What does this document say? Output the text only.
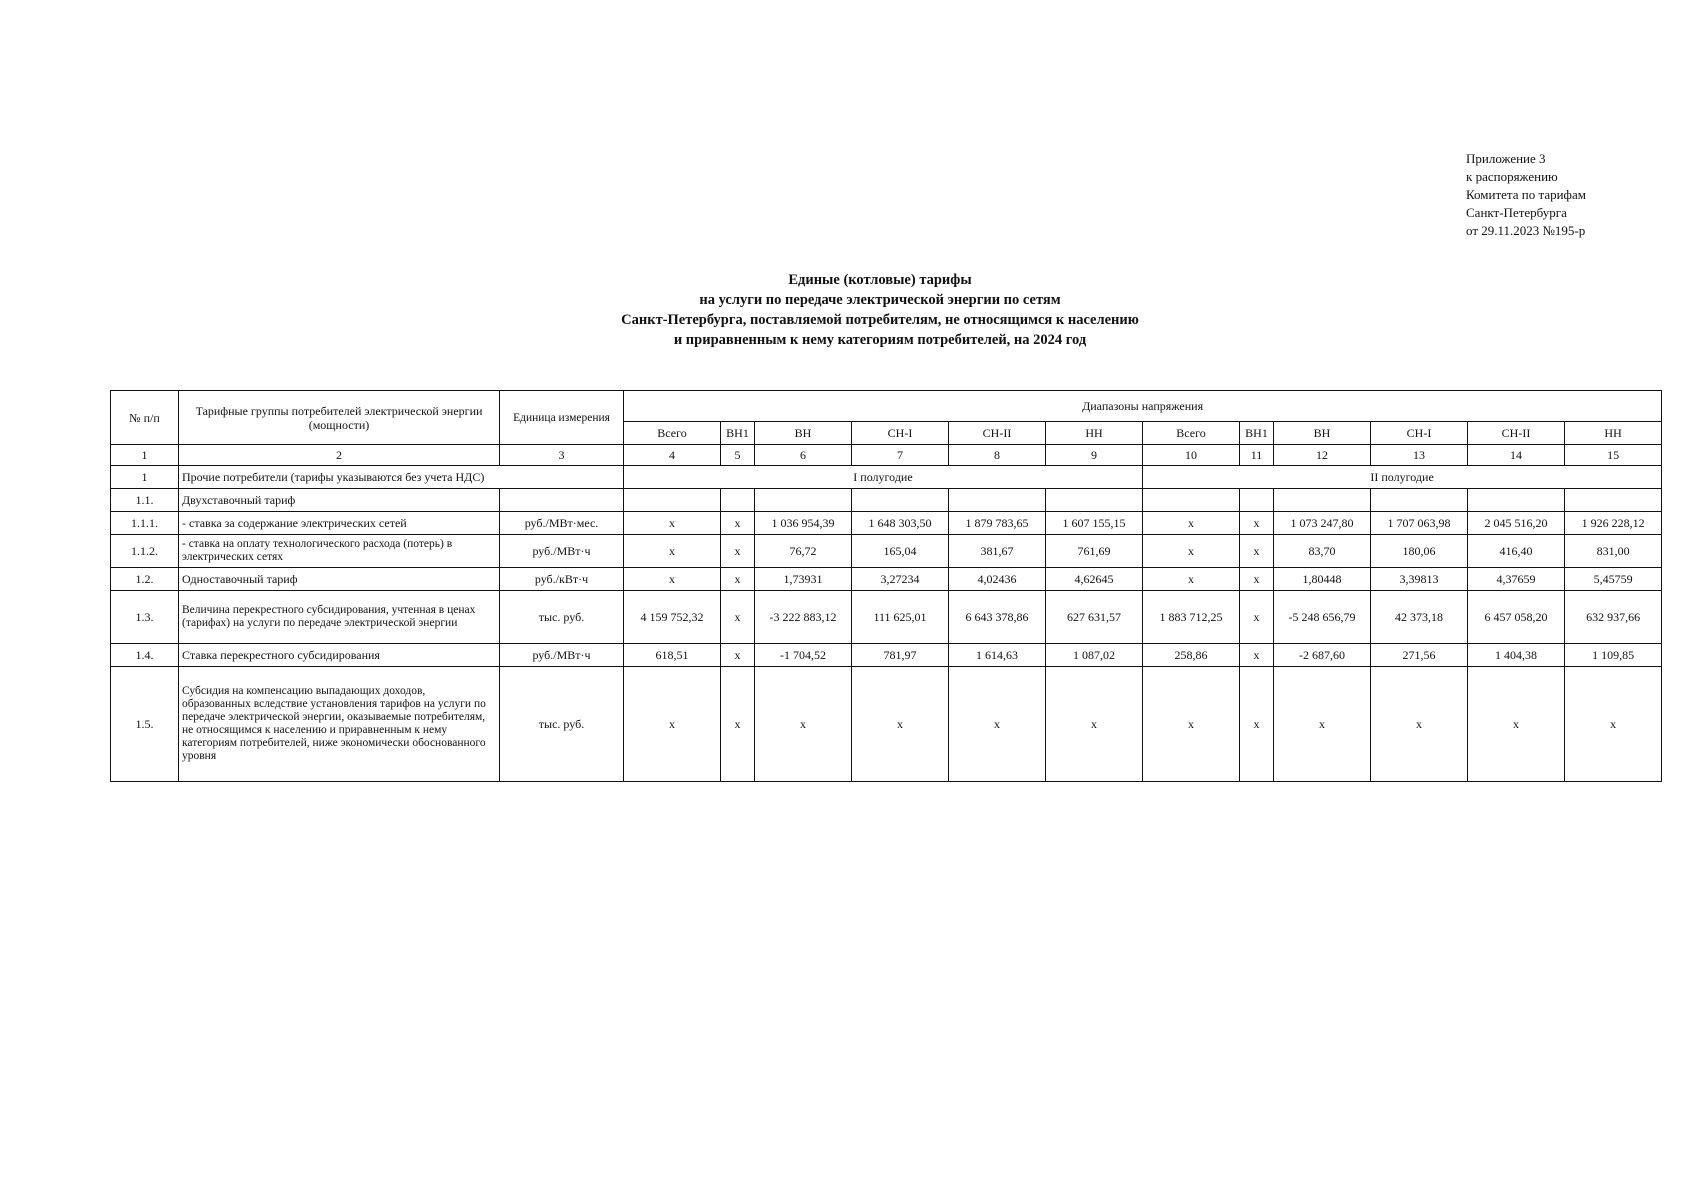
Приложение 3
к распоряжению
Комитета по тарифам
Санкт-Петербурга
от 29.11.2023 №195-р
Единые (котловые) тарифы
на услуги по передаче электрической энергии по сетям
Санкт-Петербурга, поставляемой потребителям, не относящимся к населению
и приравненным к нему категориям потребителей, на 2024 год
№ п/п	Тарифные группы потребителей электрической энергии (мощности)	Единица измерения	Диапазоны напряжения											
			Всего	ВН1	ВН	СН-I	СН-II	НН	Всего	ВН1	ВН	СН-I	СН-II	НН
1	2	3	4	5	6	7	8	9	10	11	12	13	14	15
1	Прочие потребители (тарифы указываются без учета НДС)		I полугодие						II полугодие					
1.1.	Двухставочный тариф													
1.1.1.	- ставка за содержание электрических сетей	руб./МВт·мес.	x	x	1 036 954,39	1 648 303,50	1 879 783,65	1 607 155,15	x	x	1 073 247,80	1 707 063,98	2 045 516,20	1 926 228,12
1.1.2.	- ставка на оплату технологического расхода (потерь) в электрических сетях	руб./МВт·ч	x	x	76,72	165,04	381,67	761,69	x	x	83,70	180,06	416,40	831,00
1.2.	Одноставочный тариф	руб./кВт·ч	x	x	1,73931	3,27234	4,02436	4,62645	x	x	1,80448	3,39813	4,37659	5,45759
1.3.	Величина перекрестного субсидирования, учтенная в ценах (тарифах) на услуги по передаче электрической энергии	тыс. руб.	4 159 752,32	x	-3 222 883,12	111 625,01	6 643 378,86	627 631,57	1 883 712,25	x	-5 248 656,79	42 373,18	6 457 058,20	632 937,66
1.4.	Ставка перекрестного субсидирования	руб./МВт·ч	618,51	x	-1 704,52	781,97	1 614,63	1 087,02	258,86	x	-2 687,60	271,56	1 404,38	1 109,85
1.5.	Субсидия на компенсацию выпадающих доходов, образованных вследствие установления тарифов на услуги по передаче электрической энергии, оказываемые потребителям, не относящимся к населению и приравненным к нему категориям потребителей, ниже экономически обоснованного уровня	тыс. руб.	x	x	x	x	x	x	x	x	x	x	x	x
